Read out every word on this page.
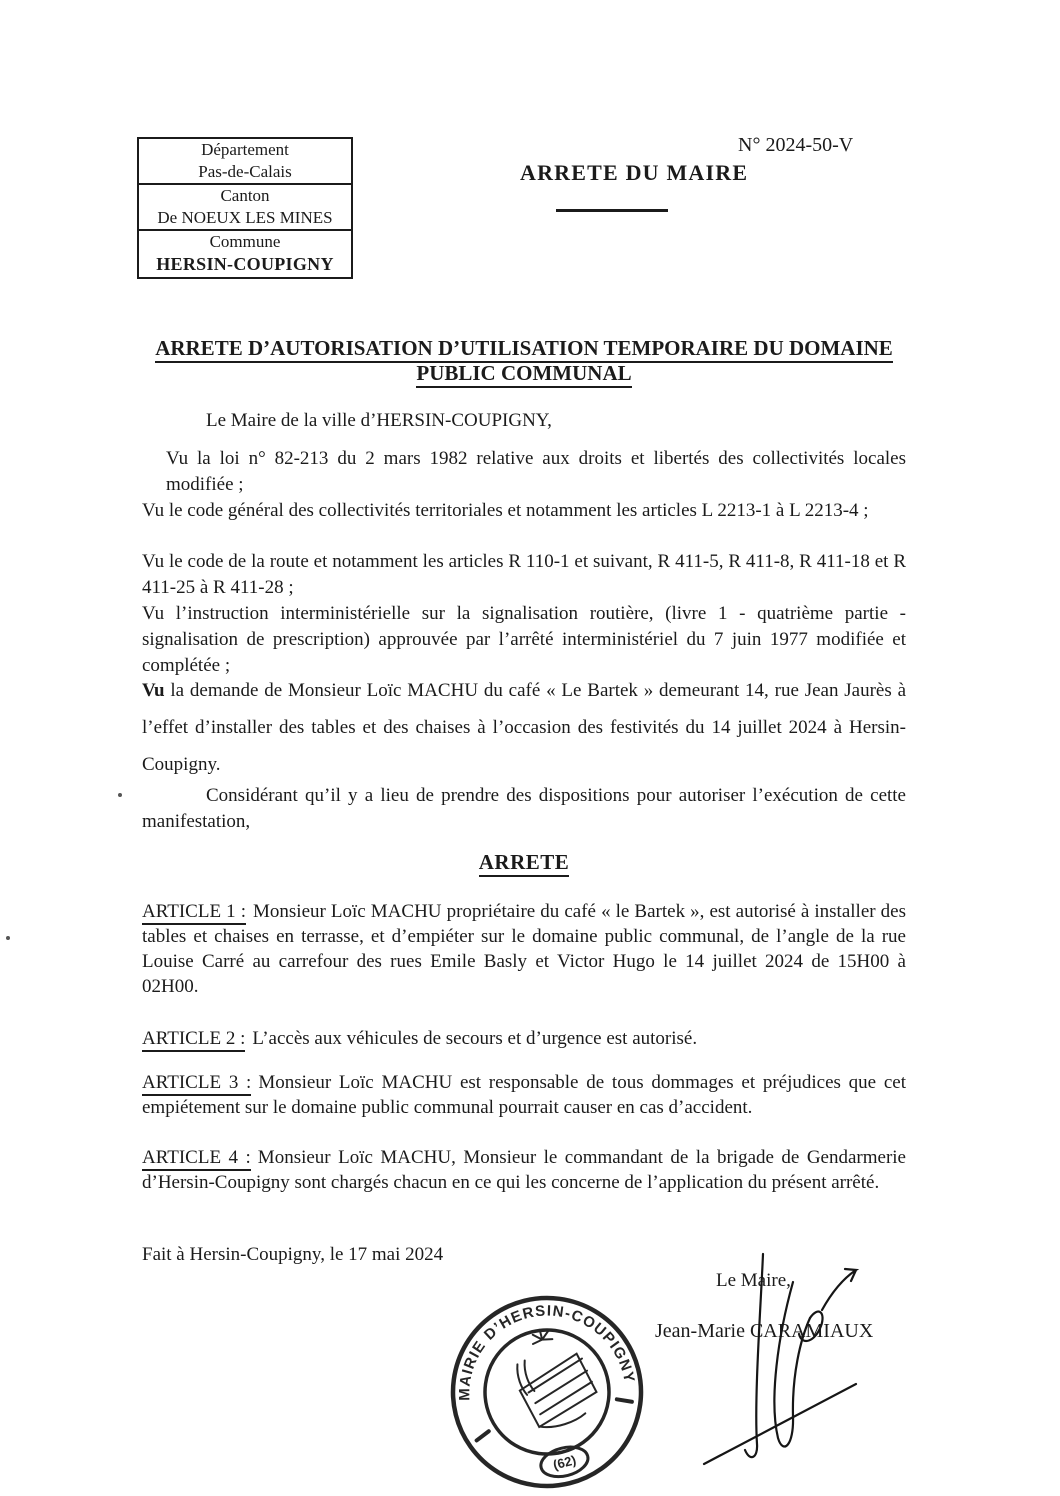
Département
Pas-de-Calais
Canton
De NOEUX LES MINES
Commune
HERSIN-COUPIGNY
N° 2024-50-V
ARRETE DU MAIRE
ARRETE D’AUTORISATION D’UTILISATION TEMPORAIRE DU DOMAINE
PUBLIC COMMUNAL
Le Maire de la ville d’HERSIN-COUPIGNY,
Vu la loi n° 82-213 du 2 mars 1982 relative aux droits et libertés des collectivités locales modifiée ;
Vu le code général des collectivités territoriales et notamment les articles L 2213-1 à L 2213-4 ;
Vu le code de la route et notamment les articles R 110-1 et suivant, R 411-5, R 411-8, R 411-18 et R 411-25 à R 411-28 ;
Vu l’instruction interministérielle sur la signalisation routière, (livre 1 - quatrième partie - signalisation de prescription) approuvée par l’arrêté interministériel du 7 juin 1977 modifiée et complétée ;
Vu la demande de Monsieur Loïc MACHU du café « Le Bartek » demeurant 14, rue Jean Jaurès à l’effet d’installer des tables et des chaises à l’occasion des festivités du 14 juillet 2024 à Hersin-Coupigny.
Considérant qu’il y a lieu de prendre des dispositions pour autoriser l’exécution de cette manifestation,
ARRETE
ARTICLE 1 : Monsieur Loïc MACHU propriétaire du café « le Bartek », est autorisé à installer des tables et chaises en terrasse, et d’empiéter sur le domaine public communal, de l’angle de la rue Louise Carré au carrefour des rues Emile Basly et Victor Hugo le 14 juillet 2024 de 15H00 à 02H00.
ARTICLE 2 : L’accès aux véhicules de secours et d’urgence est autorisé.
ARTICLE 3 : Monsieur Loïc MACHU est responsable de tous dommages et préjudices que cet empiétement sur le domaine public communal pourrait causer en cas d’accident.
ARTICLE 4 : Monsieur Loïc MACHU, Monsieur le commandant de la brigade de Gendarmerie d’Hersin-Coupigny sont chargés chacun en ce qui les concerne de l’application du présent arrêté.
Fait à Hersin-Coupigny, le 17 mai 2024
Le Maire,
Jean-Marie CARAMIAUX
MAIRIE D’HERSIN-COUPIGNY
(62)
